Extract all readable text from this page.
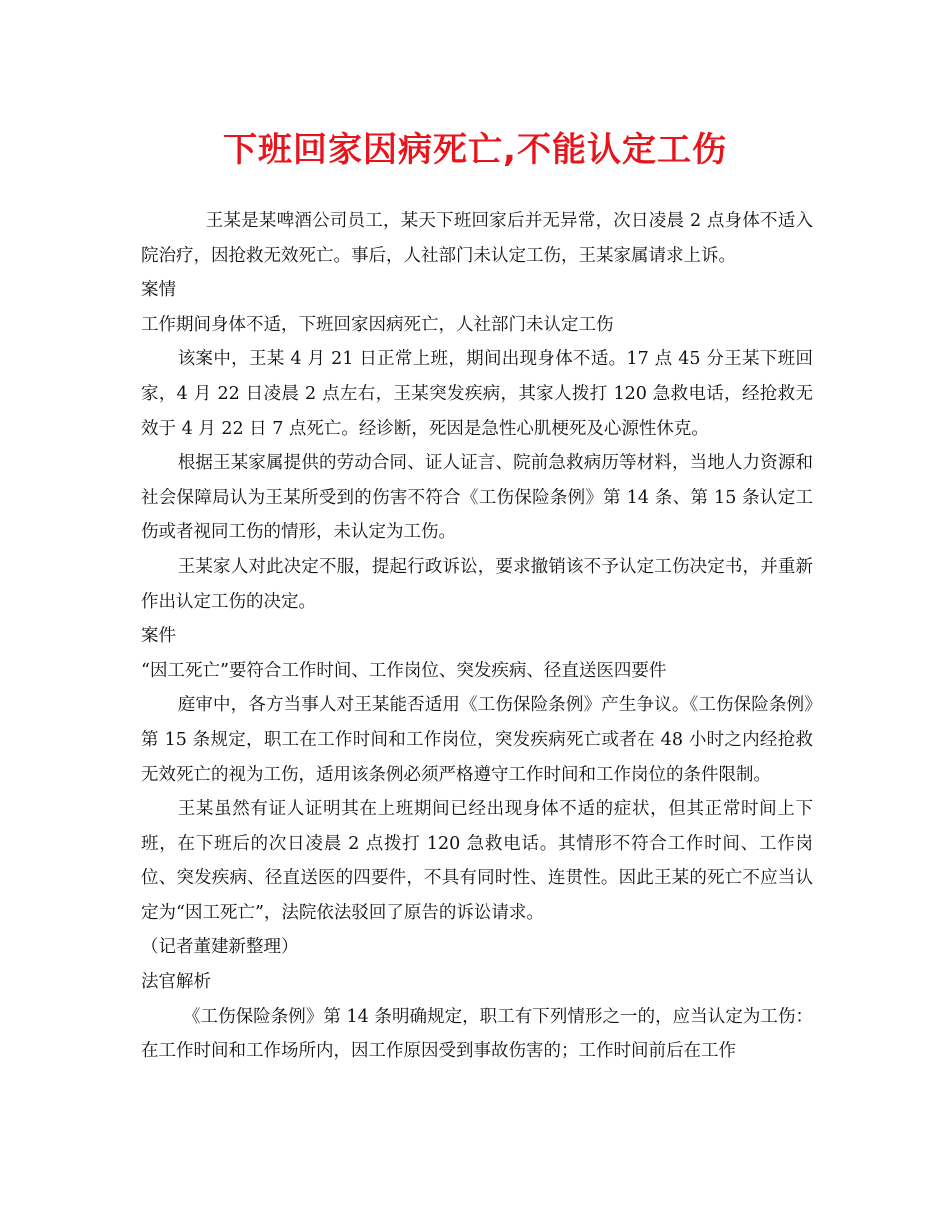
下班回家因病死亡,不能认定工伤

王某是某啤酒公司员工，某天下班回家后并无异常，次日凌晨 2 点身体不适入院治疗，因抢救无效死亡。事后，人社部门未认定工伤，王某家属请求上诉。

案情

工作期间身体不适，下班回家因病死亡，人社部门未认定工伤

该案中，王某 4 月 21 日正常上班，期间出现身体不适。17 点 45 分王某下班回家，4 月 22 日凌晨 2 点左右，王某突发疾病，其家人拨打 120 急救电话，经抢救无效于 4 月 22 日 7 点死亡。经诊断，死因是急性心肌梗死及心源性休克。

根据王某家属提供的劳动合同、证人证言、院前急救病历等材料，当地人力资源和社会保障局认为王某所受到的伤害不符合《工伤保险条例》第 14 条、第 15 条认定工伤或者视同工伤的情形，未认定为工伤。

王某家人对此决定不服，提起行政诉讼，要求撤销该不予认定工伤决定书，并重新作出认定工伤的决定。

案件

“因工死亡”要符合工作时间、工作岗位、突发疾病、径直送医四要件

庭审中，各方当事人对王某能否适用《工伤保险条例》产生争议。《工伤保险条例》第 15 条规定，职工在工作时间和工作岗位，突发疾病死亡或者在 48 小时之内经抢救无效死亡的视为工伤，适用该条例必须严格遵守工作时间和工作岗位的条件限制。

王某虽然有证人证明其在上班期间已经出现身体不适的症状，但其正常时间上下班，在下班后的次日凌晨 2 点拨打 120 急救电话。其情形不符合工作时间、工作岗位、突发疾病、径直送医的四要件，不具有同时性、连贯性。因此王某的死亡不应当认定为“因工死亡”，法院依法驳回了原告的诉讼请求。

（记者董建新整理）

法官解析

《工伤保险条例》第 14 条明确规定，职工有下列情形之一的，应当认定为工伤：在工作时间和工作场所内，因工作原因受到事故伤害的；工作时间前后在工作
